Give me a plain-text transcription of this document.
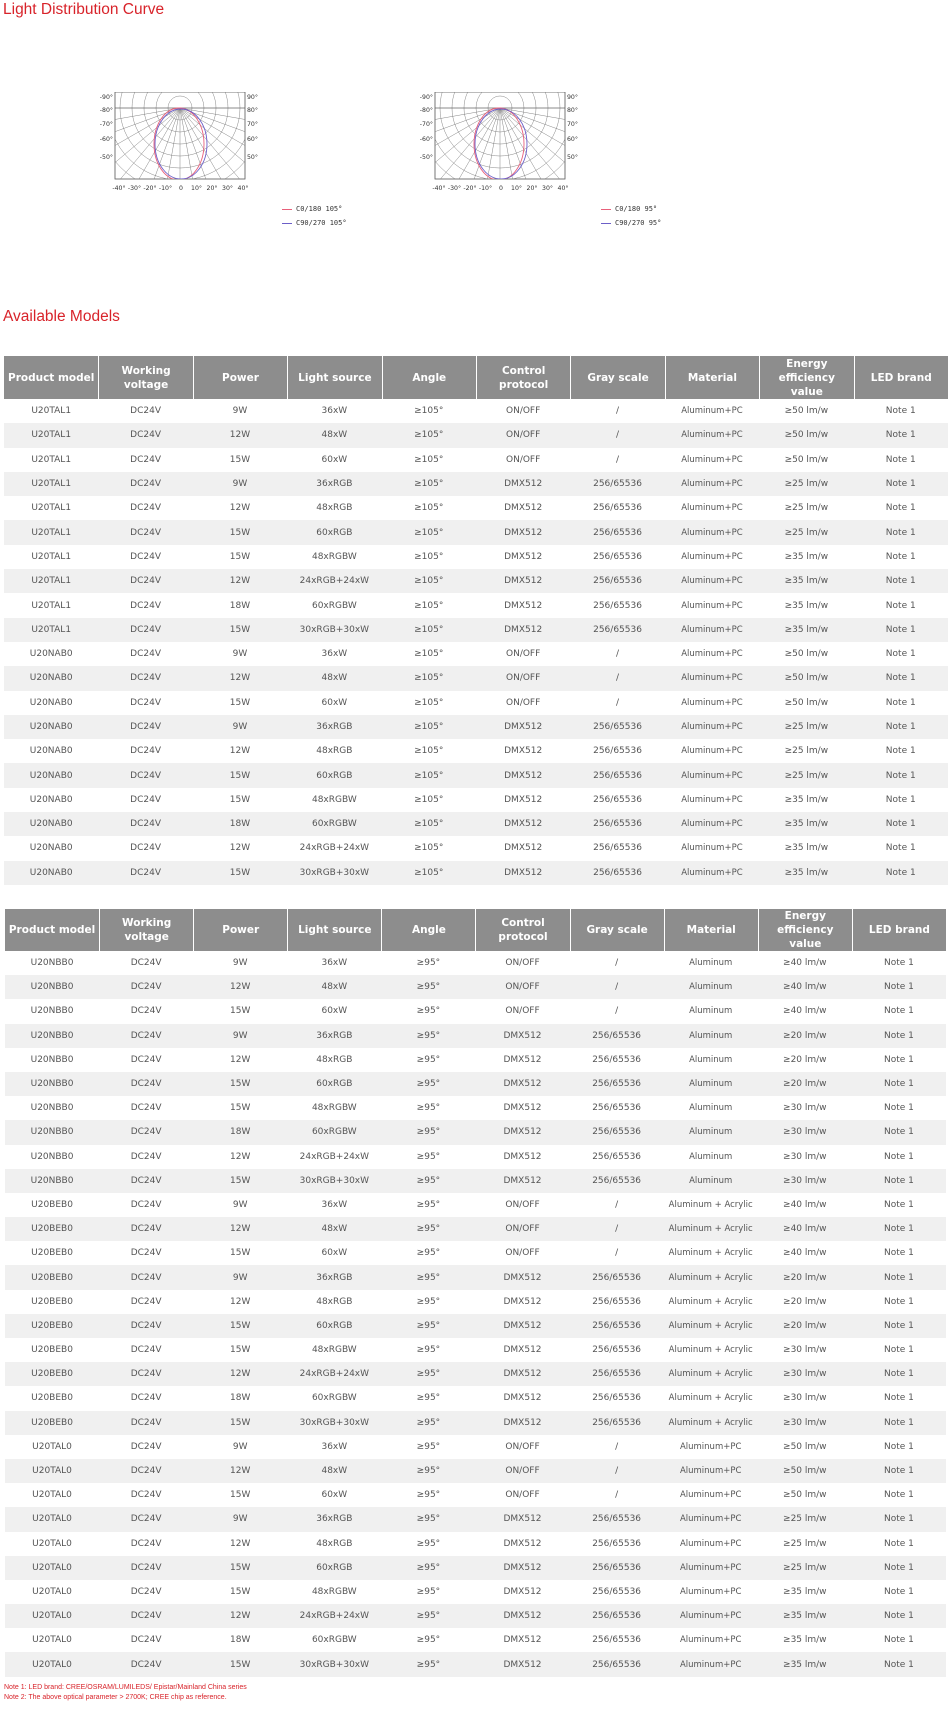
Light Distribution Curve
-90°
-80°
-70°
-60°
-50°
90°
80°
70°
60°
50°
-40° -30° -20° -10° 0 10° 20° 30° 40°
C0/180 105°
C90/270 105°
-90°
-80°
-70°
-60°
-50°
90°
80°
70°
60°
50°
-40° -30° -20° -10° 0 10° 20° 30° 40°
C0/180 95°
C90/270 95°
Available Models
Product model	Working voltage	Power	Light source	Angle	Control protocol	Gray scale	Material	Energy efficiency value	LED brand
U20TAL1	DC24V	9W	36xW	≥105°	ON/OFF	/	Aluminum+PC	≥50 lm/w	Note 1
U20TAL1	DC24V	12W	48xW	≥105°	ON/OFF	/	Aluminum+PC	≥50 lm/w	Note 1
U20TAL1	DC24V	15W	60xW	≥105°	ON/OFF	/	Aluminum+PC	≥50 lm/w	Note 1
U20TAL1	DC24V	9W	36xRGB	≥105°	DMX512	256/65536	Aluminum+PC	≥25 lm/w	Note 1
U20TAL1	DC24V	12W	48xRGB	≥105°	DMX512	256/65536	Aluminum+PC	≥25 lm/w	Note 1
U20TAL1	DC24V	15W	60xRGB	≥105°	DMX512	256/65536	Aluminum+PC	≥25 lm/w	Note 1
U20TAL1	DC24V	15W	48xRGBW	≥105°	DMX512	256/65536	Aluminum+PC	≥35 lm/w	Note 1
U20TAL1	DC24V	12W	24xRGB+24xW	≥105°	DMX512	256/65536	Aluminum+PC	≥35 lm/w	Note 1
U20TAL1	DC24V	18W	60xRGBW	≥105°	DMX512	256/65536	Aluminum+PC	≥35 lm/w	Note 1
U20TAL1	DC24V	15W	30xRGB+30xW	≥105°	DMX512	256/65536	Aluminum+PC	≥35 lm/w	Note 1
U20NAB0	DC24V	9W	36xW	≥105°	ON/OFF	/	Aluminum+PC	≥50 lm/w	Note 1
U20NAB0	DC24V	12W	48xW	≥105°	ON/OFF	/	Aluminum+PC	≥50 lm/w	Note 1
U20NAB0	DC24V	15W	60xW	≥105°	ON/OFF	/	Aluminum+PC	≥50 lm/w	Note 1
U20NAB0	DC24V	9W	36xRGB	≥105°	DMX512	256/65536	Aluminum+PC	≥25 lm/w	Note 1
U20NAB0	DC24V	12W	48xRGB	≥105°	DMX512	256/65536	Aluminum+PC	≥25 lm/w	Note 1
U20NAB0	DC24V	15W	60xRGB	≥105°	DMX512	256/65536	Aluminum+PC	≥25 lm/w	Note 1
U20NAB0	DC24V	15W	48xRGBW	≥105°	DMX512	256/65536	Aluminum+PC	≥35 lm/w	Note 1
U20NAB0	DC24V	18W	60xRGBW	≥105°	DMX512	256/65536	Aluminum+PC	≥35 lm/w	Note 1
U20NAB0	DC24V	12W	24xRGB+24xW	≥105°	DMX512	256/65536	Aluminum+PC	≥35 lm/w	Note 1
U20NAB0	DC24V	15W	30xRGB+30xW	≥105°	DMX512	256/65536	Aluminum+PC	≥35 lm/w	Note 1
Product model	Working voltage	Power	Light source	Angle	Control protocol	Gray scale	Material	Energy efficiency value	LED brand
U20NBB0	DC24V	9W	36xW	≥95°	ON/OFF	/	Aluminum	≥40 lm/w	Note 1
U20NBB0	DC24V	12W	48xW	≥95°	ON/OFF	/	Aluminum	≥40 lm/w	Note 1
U20NBB0	DC24V	15W	60xW	≥95°	ON/OFF	/	Aluminum	≥40 lm/w	Note 1
U20NBB0	DC24V	9W	36xRGB	≥95°	DMX512	256/65536	Aluminum	≥20 lm/w	Note 1
U20NBB0	DC24V	12W	48xRGB	≥95°	DMX512	256/65536	Aluminum	≥20 lm/w	Note 1
U20NBB0	DC24V	15W	60xRGB	≥95°	DMX512	256/65536	Aluminum	≥20 lm/w	Note 1
U20NBB0	DC24V	15W	48xRGBW	≥95°	DMX512	256/65536	Aluminum	≥30 lm/w	Note 1
U20NBB0	DC24V	18W	60xRGBW	≥95°	DMX512	256/65536	Aluminum	≥30 lm/w	Note 1
U20NBB0	DC24V	12W	24xRGB+24xW	≥95°	DMX512	256/65536	Aluminum	≥30 lm/w	Note 1
U20NBB0	DC24V	15W	30xRGB+30xW	≥95°	DMX512	256/65536	Aluminum	≥30 lm/w	Note 1
U20BEB0	DC24V	9W	36xW	≥95°	ON/OFF	/	Aluminum + Acrylic	≥40 lm/w	Note 1
U20BEB0	DC24V	12W	48xW	≥95°	ON/OFF	/	Aluminum + Acrylic	≥40 lm/w	Note 1
U20BEB0	DC24V	15W	60xW	≥95°	ON/OFF	/	Aluminum + Acrylic	≥40 lm/w	Note 1
U20BEB0	DC24V	9W	36xRGB	≥95°	DMX512	256/65536	Aluminum + Acrylic	≥20 lm/w	Note 1
U20BEB0	DC24V	12W	48xRGB	≥95°	DMX512	256/65536	Aluminum + Acrylic	≥20 lm/w	Note 1
U20BEB0	DC24V	15W	60xRGB	≥95°	DMX512	256/65536	Aluminum + Acrylic	≥20 lm/w	Note 1
U20BEB0	DC24V	15W	48xRGBW	≥95°	DMX512	256/65536	Aluminum + Acrylic	≥30 lm/w	Note 1
U20BEB0	DC24V	12W	24xRGB+24xW	≥95°	DMX512	256/65536	Aluminum + Acrylic	≥30 lm/w	Note 1
U20BEB0	DC24V	18W	60xRGBW	≥95°	DMX512	256/65536	Aluminum + Acrylic	≥30 lm/w	Note 1
U20BEB0	DC24V	15W	30xRGB+30xW	≥95°	DMX512	256/65536	Aluminum + Acrylic	≥30 lm/w	Note 1
U20TAL0	DC24V	9W	36xW	≥95°	ON/OFF	/	Aluminum+PC	≥50 lm/w	Note 1
U20TAL0	DC24V	12W	48xW	≥95°	ON/OFF	/	Aluminum+PC	≥50 lm/w	Note 1
U20TAL0	DC24V	15W	60xW	≥95°	ON/OFF	/	Aluminum+PC	≥50 lm/w	Note 1
U20TAL0	DC24V	9W	36xRGB	≥95°	DMX512	256/65536	Aluminum+PC	≥25 lm/w	Note 1
U20TAL0	DC24V	12W	48xRGB	≥95°	DMX512	256/65536	Aluminum+PC	≥25 lm/w	Note 1
U20TAL0	DC24V	15W	60xRGB	≥95°	DMX512	256/65536	Aluminum+PC	≥25 lm/w	Note 1
U20TAL0	DC24V	15W	48xRGBW	≥95°	DMX512	256/65536	Aluminum+PC	≥35 lm/w	Note 1
U20TAL0	DC24V	12W	24xRGB+24xW	≥95°	DMX512	256/65536	Aluminum+PC	≥35 lm/w	Note 1
U20TAL0	DC24V	18W	60xRGBW	≥95°	DMX512	256/65536	Aluminum+PC	≥35 lm/w	Note 1
U20TAL0	DC24V	15W	30xRGB+30xW	≥95°	DMX512	256/65536	Aluminum+PC	≥35 lm/w	Note 1
Note 1: LED brand: CREE/OSRAM/LUMILEDS/ Epistar/Mainland China series
Note 2: The above optical parameter > 2700K; CREE chip as reference.
